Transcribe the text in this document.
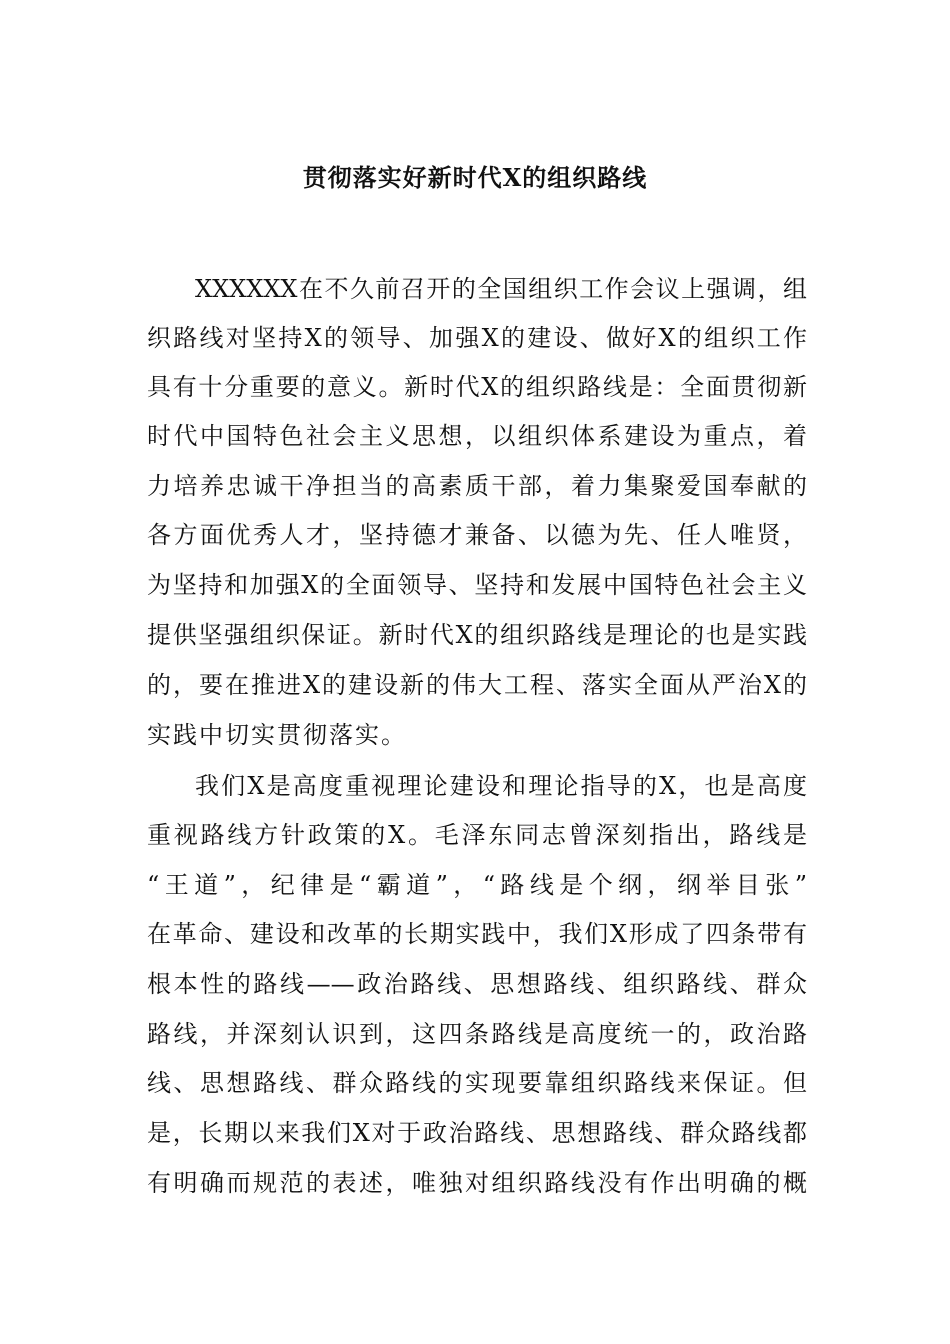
贯彻落实好新时代X的组织路线
XXXXXX在不久前召开的全国组织工作会议上强调，组
织路线对坚持X的领导、加强X的建设、做好X的组织工作
具有十分重要的意义。新时代X的组织路线是：全面贯彻新
时代中国特色社会主义思想，以组织体系建设为重点，着
力培养忠诚干净担当的高素质干部，着力集聚爱国奉献的
各方面优秀人才，坚持德才兼备、以德为先、任人唯贤，
为坚持和加强X的全面领导、坚持和发展中国特色社会主义
提供坚强组织保证。新时代X的组织路线是理论的也是实践
的，要在推进X的建设新的伟大工程、落实全面从严治X的
实践中切实贯彻落实。
我们X是高度重视理论建设和理论指导的X，也是高度
重视路线方针政策的X。毛泽东同志曾深刻指出，路线是
“王道”，纪律是“霸道”，“路线是个纲，纲举目张”
在革命、建设和改革的长期实践中，我们X形成了四条带有
根本性的路线——政治路线、思想路线、组织路线、群众
路线，并深刻认识到，这四条路线是高度统一的，政治路
线、思想路线、群众路线的实现要靠组织路线来保证。但
是，长期以来我们X对于政治路线、思想路线、群众路线都
有明确而规范的表述，唯独对组织路线没有作出明确的概
